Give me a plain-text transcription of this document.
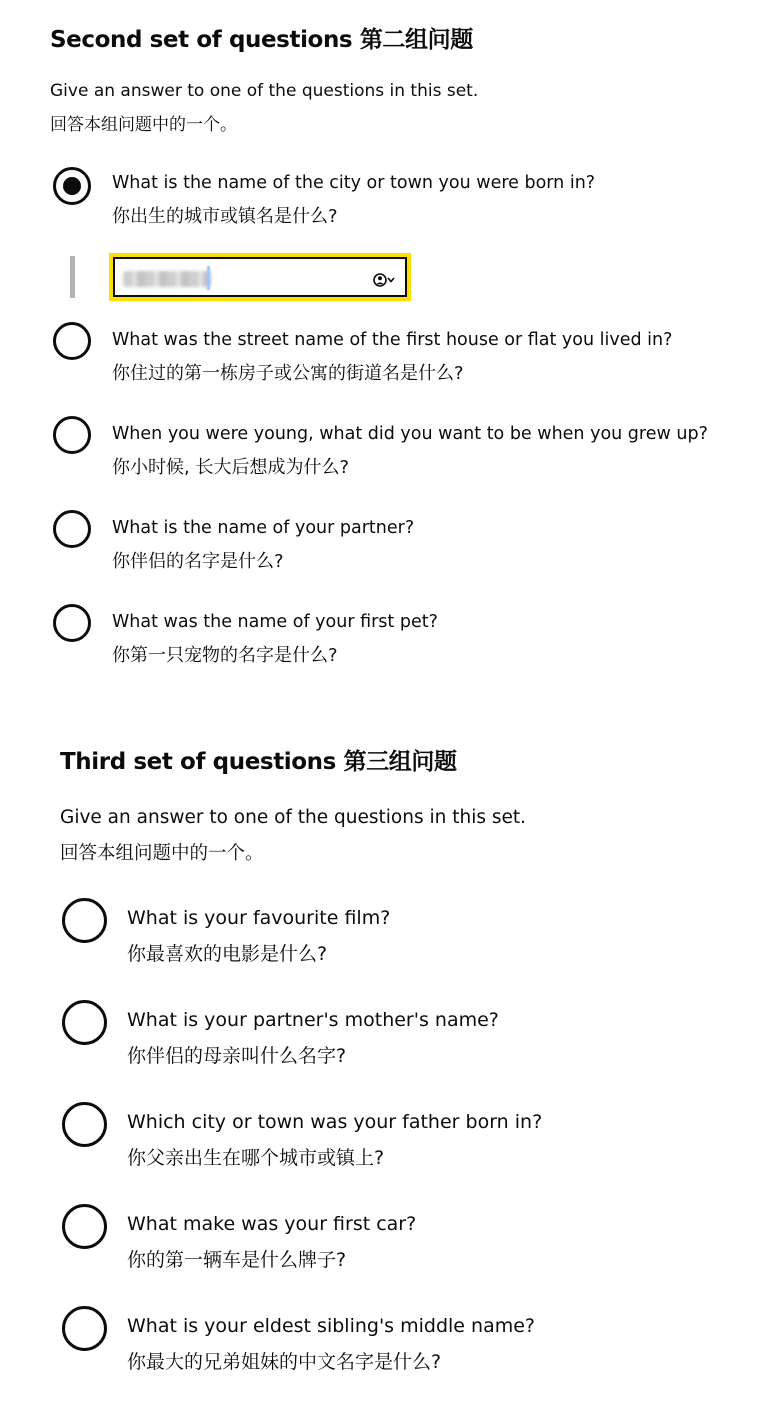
Second set of questions 第二组问题
Give an answer to one of the questions in this set.
回答本组问题中的一个。
What is the name of the city or town you were born in?
你出生的城市或镇名是什么?
What was the street name of the first house or flat you lived in?
你住过的第一栋房子或公寓的街道名是什么?
When you were young, what did you want to be when you grew up?
你小时候, 长大后想成为什么?
What is the name of your partner?
你伴侣的名字是什么?
What was the name of your first pet?
你第一只宠物的名字是什么?
Third set of questions 第三组问题
Give an answer to one of the questions in this set.
回答本组问题中的一个。
What is your favourite film?
你最喜欢的电影是什么?
What is your partner's mother's name?
你伴侣的母亲叫什么名字?
Which city or town was your father born in?
你父亲出生在哪个城市或镇上?
What make was your first car?
你的第一辆车是什么牌子?
What is your eldest sibling's middle name?
你最大的兄弟姐妹的中文名字是什么?
